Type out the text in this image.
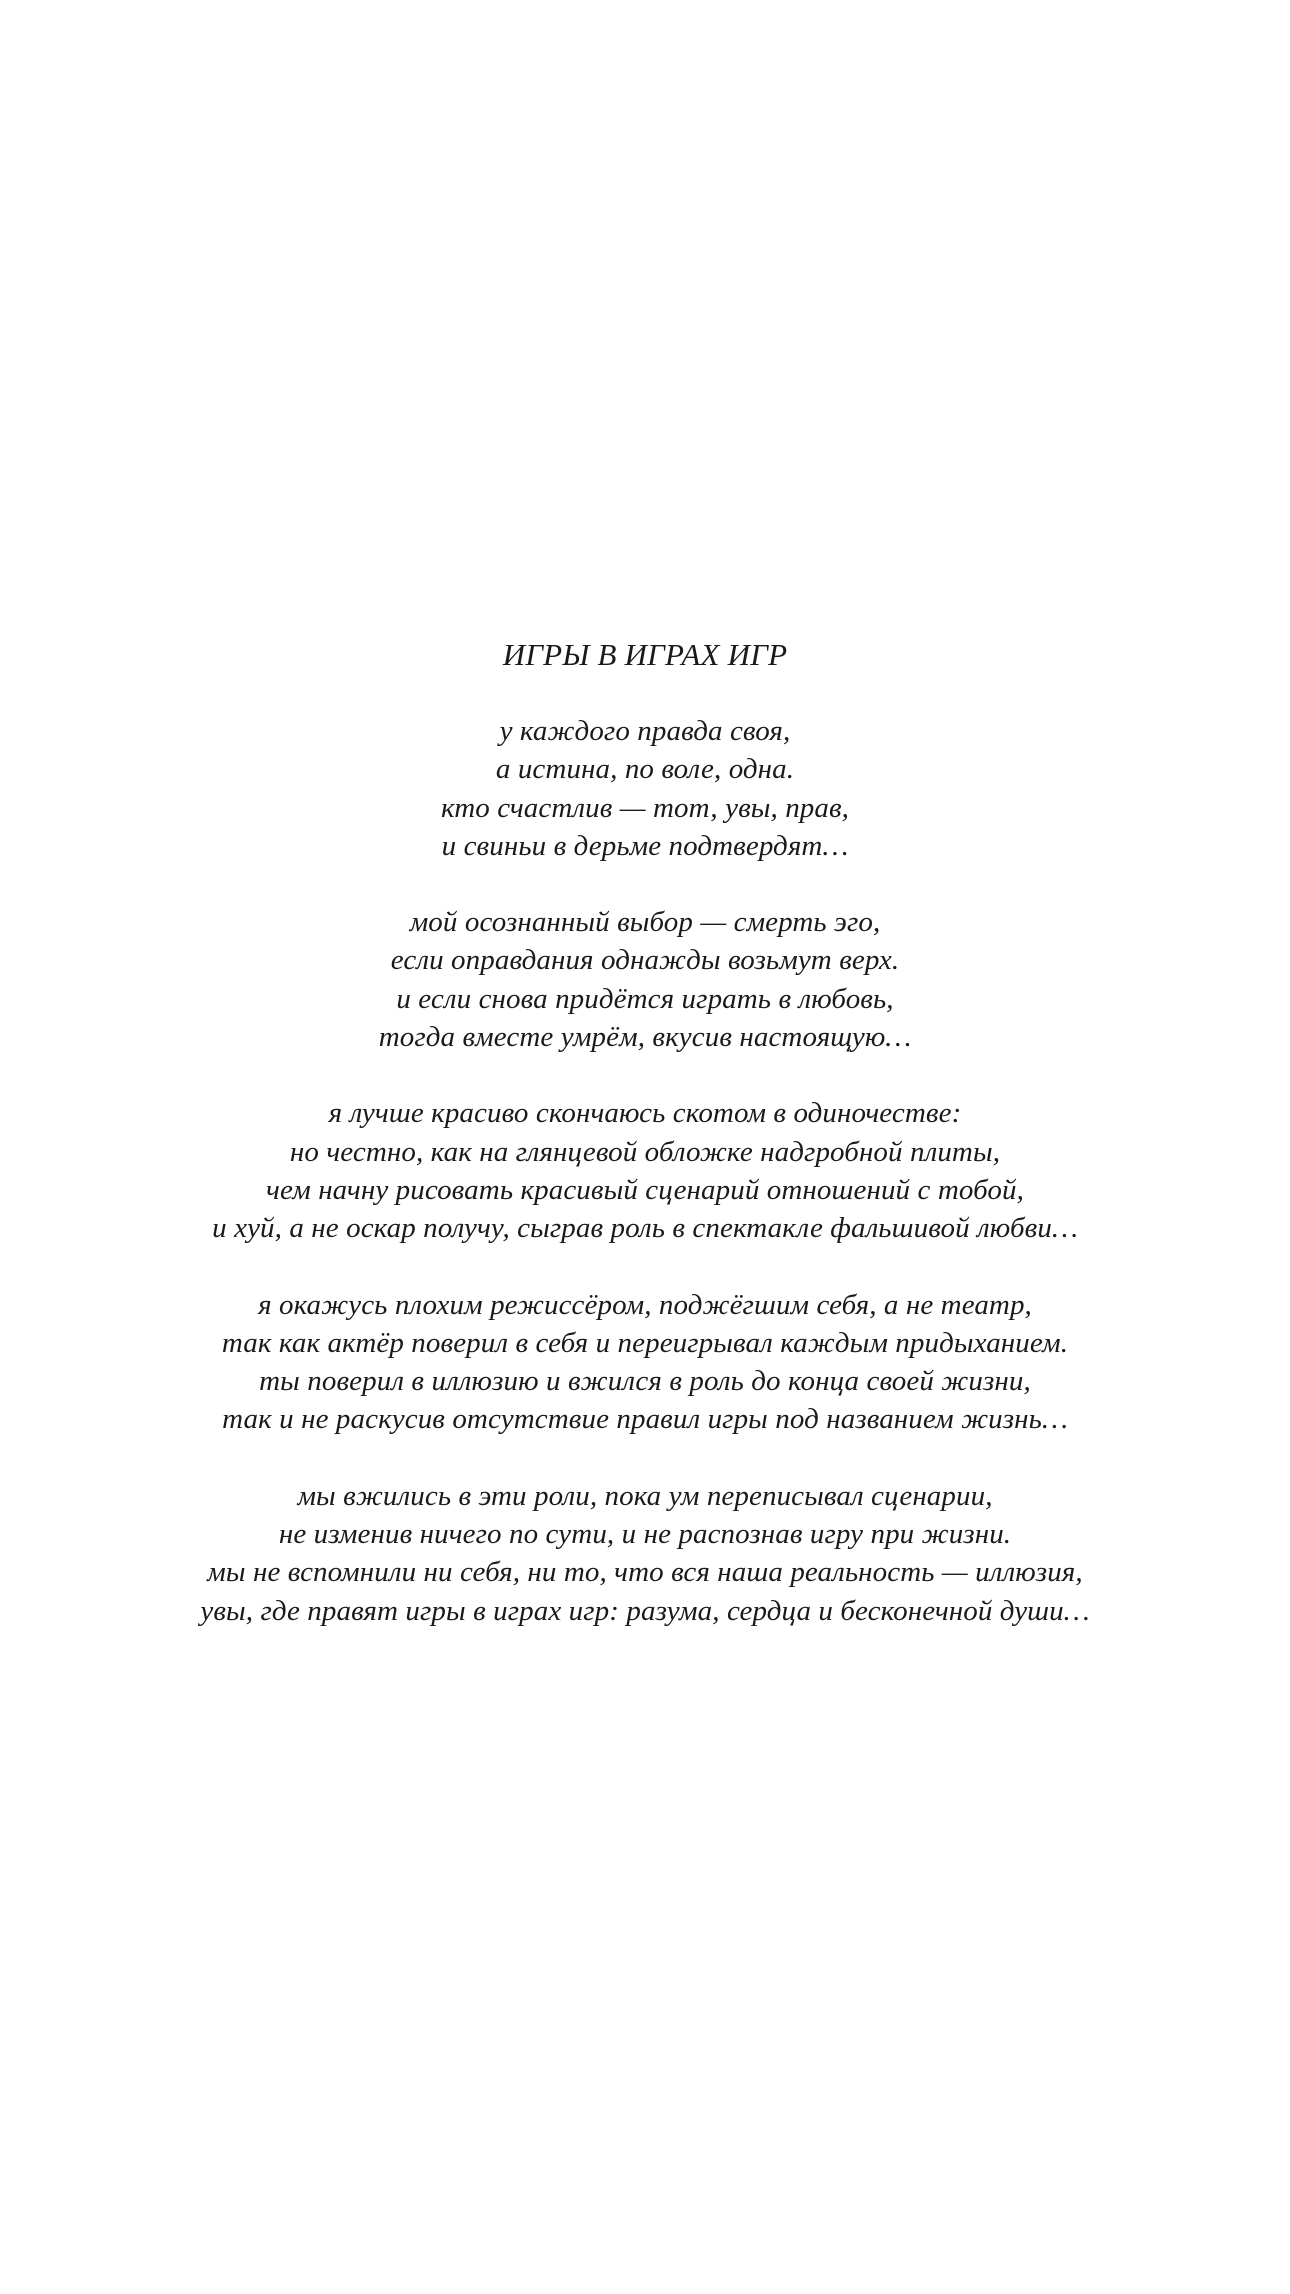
ИГРЫ В ИГРАХ ИГР
у каждого правда своя,
а истина, по воле, одна.
кто счастлив — тот, увы, прав,
и свиньи в дерьме подтвердят…
мой осознанный выбор — смерть эго,
если оправдания однажды возьмут верх.
и если снова придётся играть в любовь,
тогда вместе умрём, вкусив настоящую…
я лучше красиво скончаюсь скотом в одиночестве:
но честно, как на глянцевой обложке надгробной плиты,
чем начну рисовать красивый сценарий отношений с тобой,
и хуй, а не оскар получу, сыграв роль в спектакле фальшивой любви…
я окажусь плохим режиссёром, поджёгшим себя, а не театр,
так как актёр поверил в себя и переигрывал каждым придыханием.
ты поверил в иллюзию и вжился в роль до конца своей жизни,
так и не раскусив отсутствие правил игры под названием жизнь…
мы вжились в эти роли, пока ум переписывал сценарии,
не изменив ничего по сути, и не распознав игру при жизни.
мы не вспомнили ни себя, ни то, что вся наша реальность — иллюзия,
увы, где правят игры в играх игр: разума, сердца и бесконечной души…
